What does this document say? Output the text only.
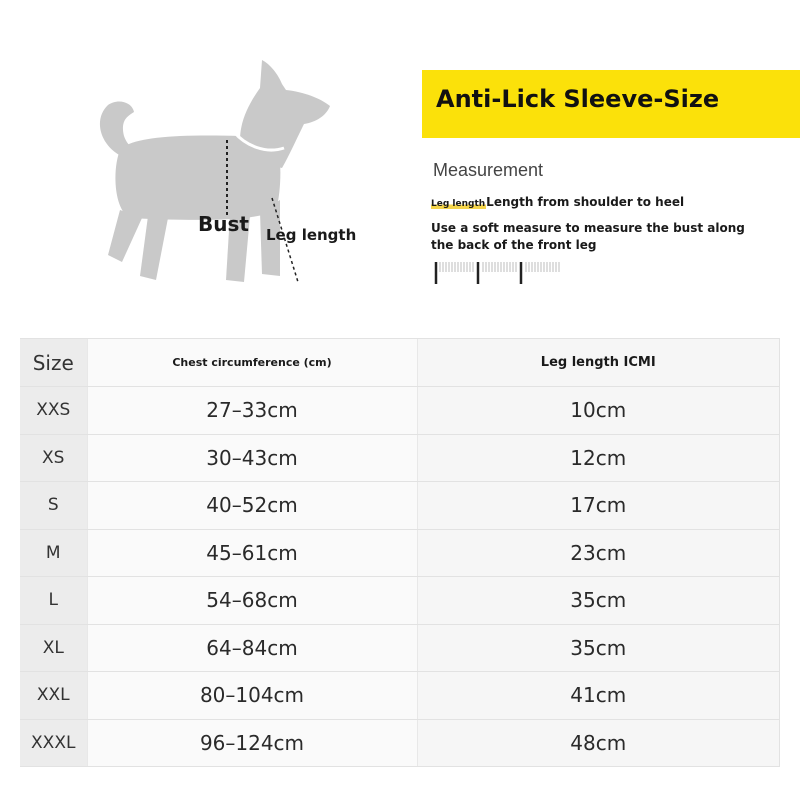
Bust Leg length
Anti-Lick Sleeve-Size
Measurement
Leg lengthLength from shoulder to heel
Use a soft measure to measure the bust along the back of the front leg
Size	Chest circumference (cm)	Leg length ICMI
XXS	27–33cm	10cm
XS	30–43cm	12cm
S	40–52cm	17cm
M	45–61cm	23cm
L	54–68cm	35cm
XL	64–84cm	35cm
XXL	80–104cm	41cm
XXXL	96–124cm	48cm
